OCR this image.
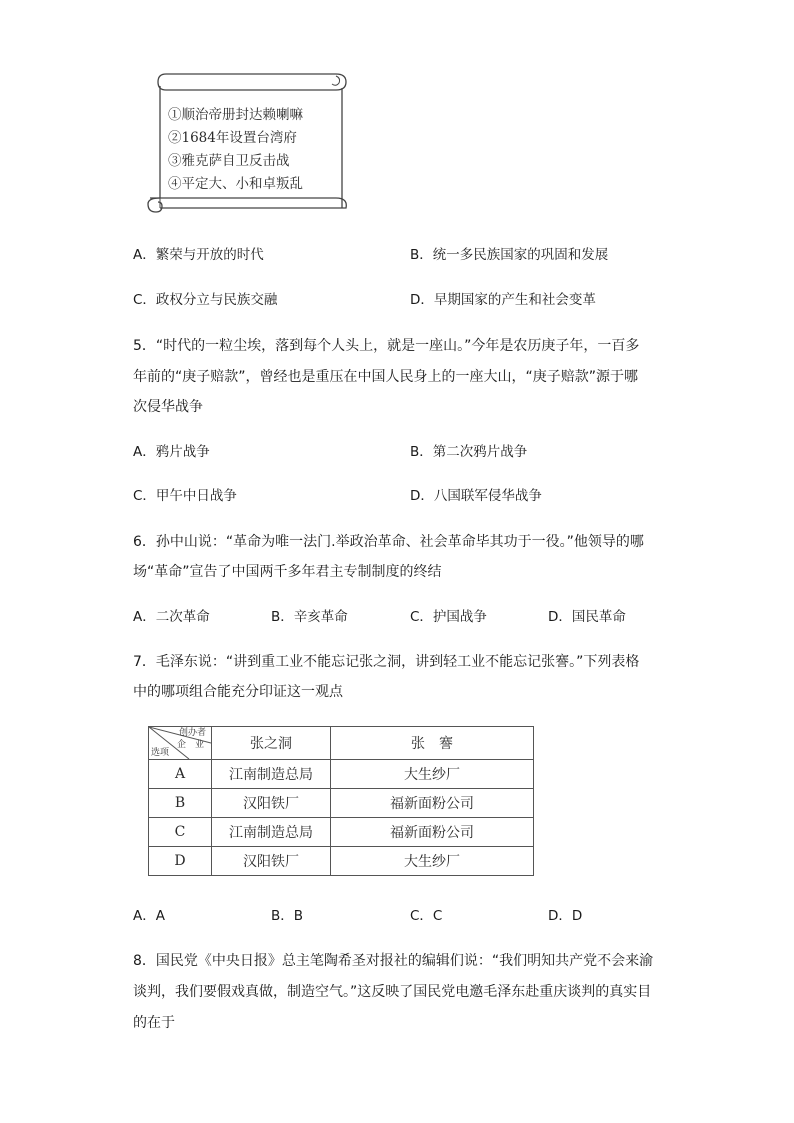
①顺治帝册封达赖喇嘛
②1684年设置台湾府
③雅克萨自卫反击战
④平定大、小和卓叛乱
A．繁荣与开放的时代	B．统一多民族国家的巩固和发展
C．政权分立与民族交融	D．早期国家的产生和社会变革
5．“时代的一粒尘埃，落到每个人头上，就是一座山。”今年是农历庚子年，一百多
年前的“庚子赔款”，曾经也是重压在中国人民身上的一座大山，“庚子赔款”源于哪
次侵华战争
A．鸦片战争	B．第二次鸦片战争
C．甲午中日战争	D．八国联军侵华战争
6．孙中山说：“革命为唯一法门.举政治革命、社会革命毕其功于一役。”他领导的哪
场“革命”宣告了中国两千多年君主专制制度的终结
A．二次革命	B．辛亥革命	C．护国战争	D．国民革命
7．毛泽东说：“讲到重工业不能忘记张之洞，讲到轻工业不能忘记张謇。”下列表格
中的哪项组合能充分印证这一观点
创办者
企　业
选项	张之洞	张　謇
A	江南制造总局	大生纱厂
B	汉阳铁厂	福新面粉公司
C	江南制造总局	福新面粉公司
D	汉阳铁厂	大生纱厂
A．A	B．B	C．C	D．D
8．国民党《中央日报》总主笔陶希圣对报社的编辑们说：“我们明知共产党不会来渝
谈判，我们要假戏真做，制造空气。”这反映了国民党电邀毛泽东赴重庆谈判的真实目
的在于
